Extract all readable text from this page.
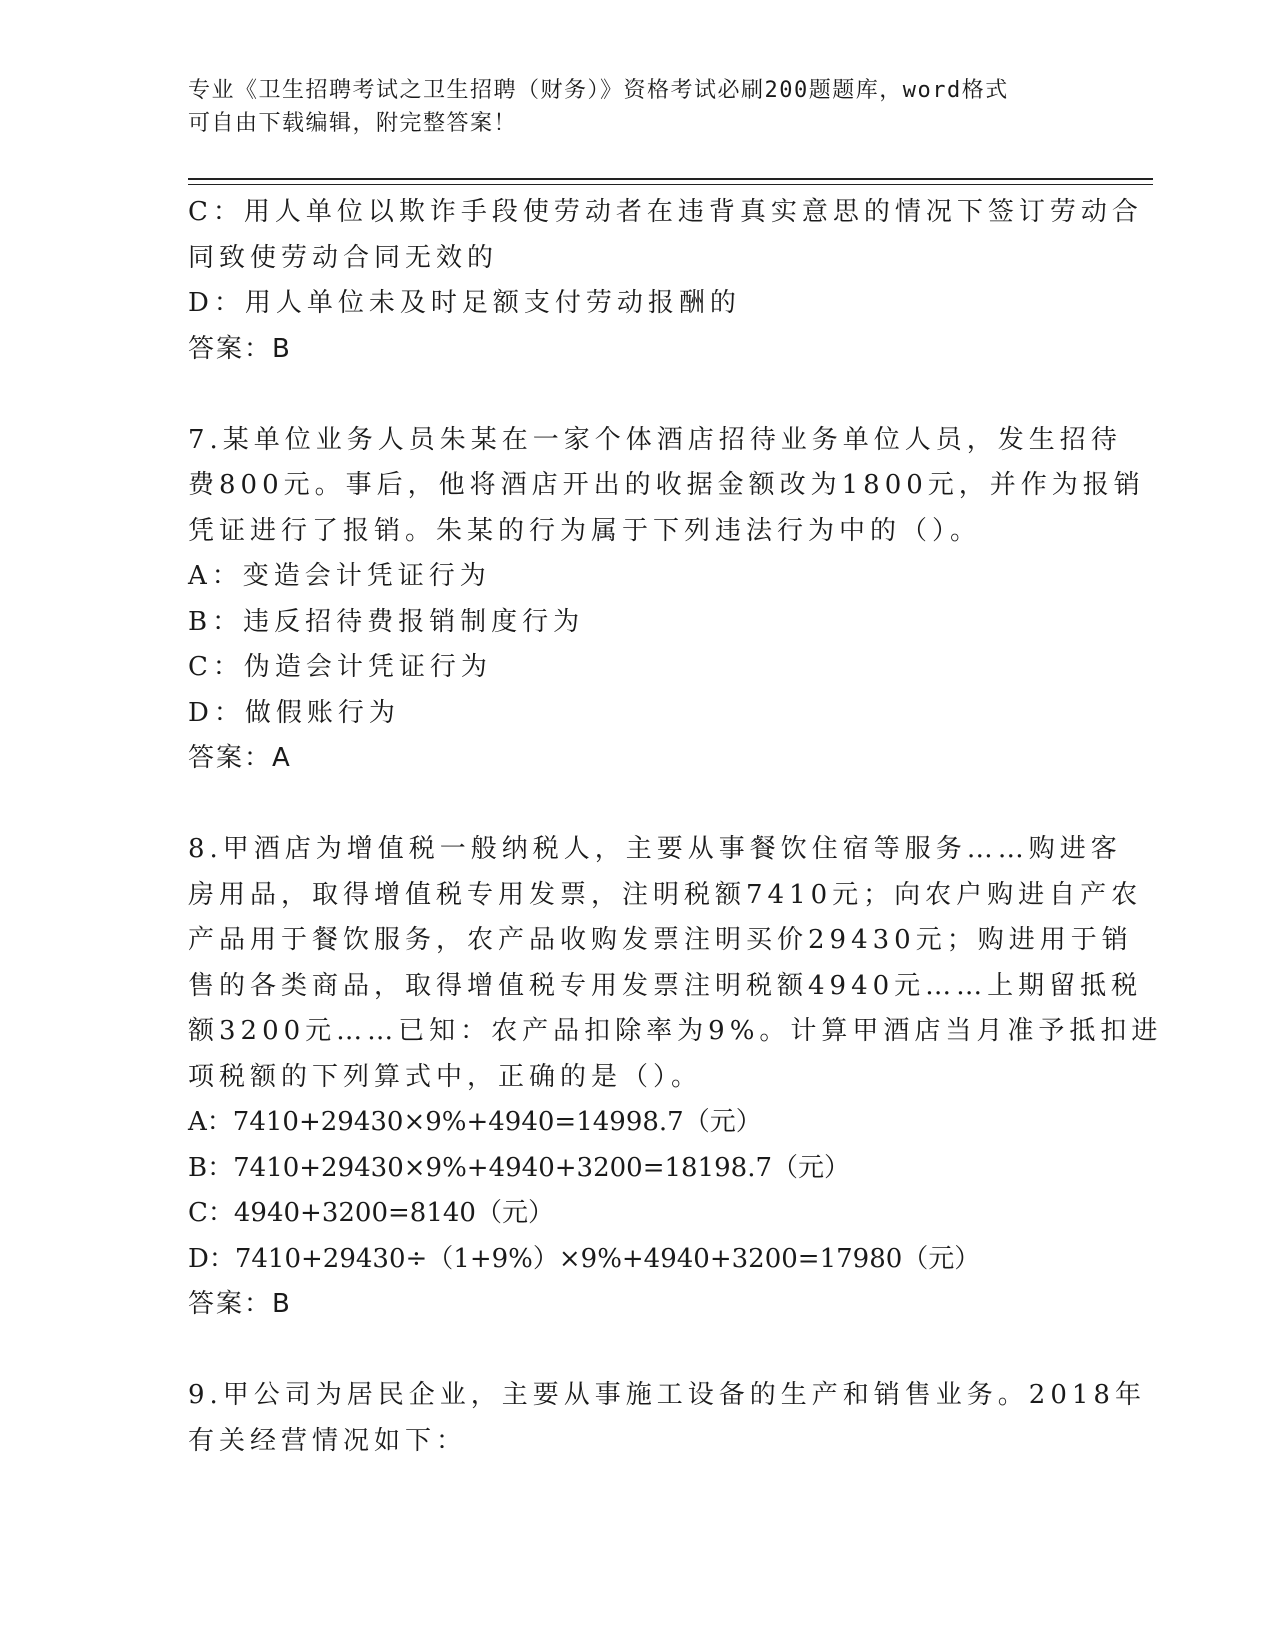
专业《卫生招聘考试之卫生招聘（财务）》资格考试必刷200题题库，word格式
可自由下载编辑，附完整答案！
C：用人单位以欺诈手段使劳动者在违背真实意思的情况下签订劳动合
同致使劳动合同无效的
D：用人单位未及时足额支付劳动报酬的
答案：B
7.某单位业务人员朱某在一家个体酒店招待业务单位人员，发生招待
费800元。事后，他将酒店开出的收据金额改为1800元，并作为报销
凭证进行了报销。朱某的行为属于下列违法行为中的（）。
A：变造会计凭证行为
B：违反招待费报销制度行为
C：伪造会计凭证行为
D：做假账行为
答案：A
8.甲酒店为增值税一般纳税人，主要从事餐饮住宿等服务……购进客
房用品，取得增值税专用发票，注明税额7410元；向农户购进自产农
产品用于餐饮服务，农产品收购发票注明买价29430元；购进用于销
售的各类商品，取得增值税专用发票注明税额4940元……上期留抵税
额3200元……已知：农产品扣除率为9%。计算甲酒店当月准予抵扣进
项税额的下列算式中，正确的是（）。
A：7410+29430×9%+4940=14998.7（元）
B：7410+29430×9%+4940+3200=18198.7（元）
C：4940+3200=8140（元）
D：7410+29430÷（1+9%）×9%+4940+3200=17980（元）
答案：B
9.甲公司为居民企业，主要从事施工设备的生产和销售业务。2018年
有关经营情况如下：
